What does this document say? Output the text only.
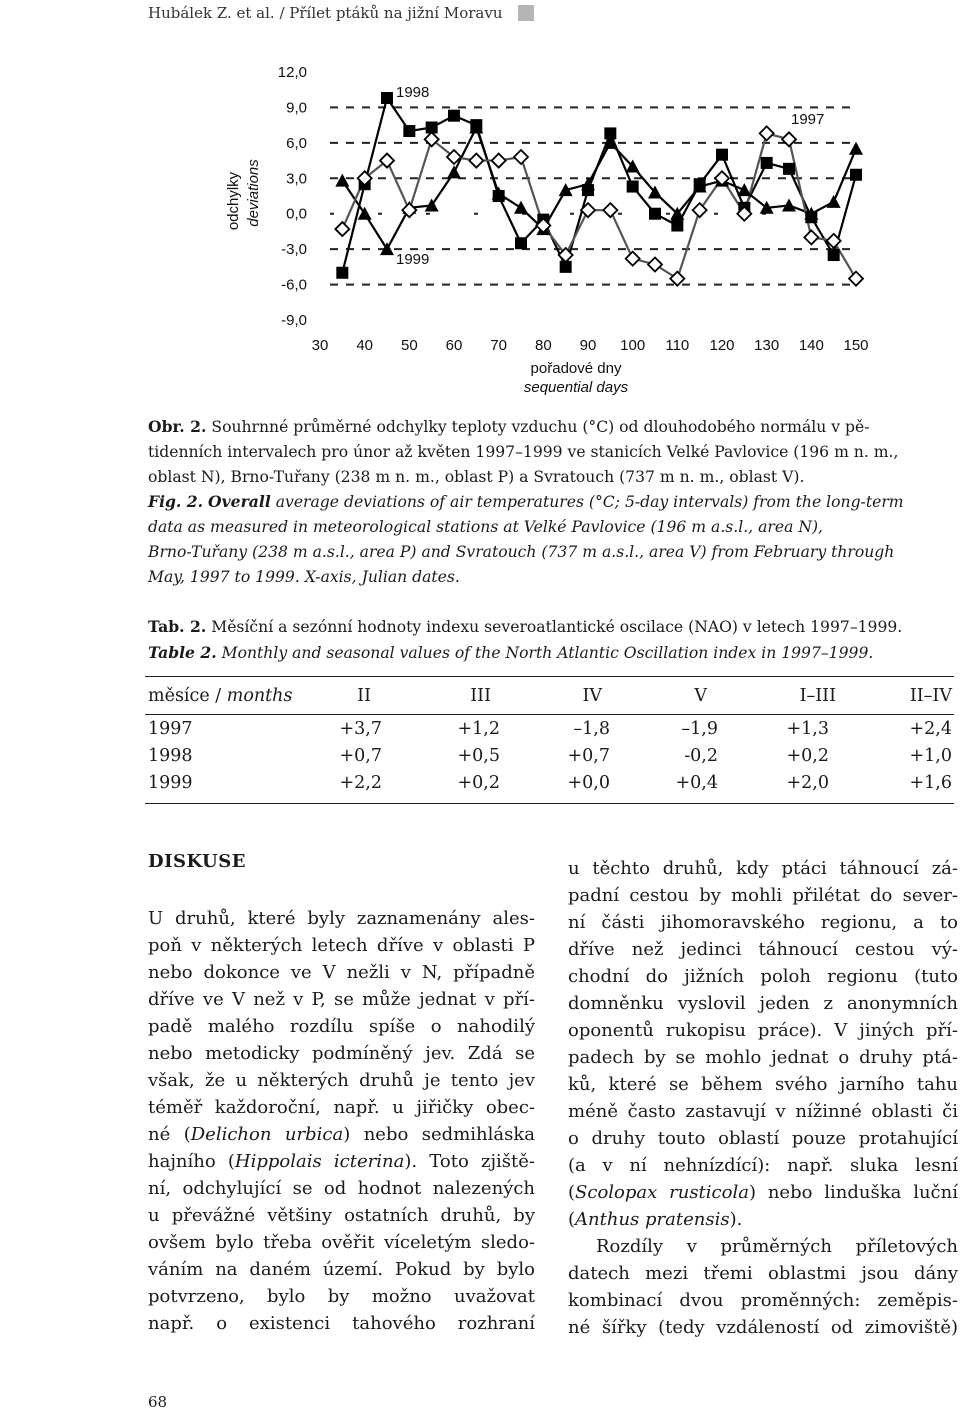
Hubálek Z. et al. / Přílet ptáků na jižní Moravu
odchylky deviations
12,0
9,0
6,0
3,0
0,0
-3,0
-6,0
-9,0
30 40 50 60 70 80 90 100 110 120 130 140 150
1998
1997
1999
pořadové dny
sequential days
Obr. 2. Souhrnné průměrné odchylky teploty vzduchu (°C) od dlouhodobého normálu v pě-
tidenních intervalech pro únor až květen 1997–1999 ve stanicích Velké Pavlovice (196 m n. m.,
oblast N), Brno-Tuřany (238 m n. m., oblast P) a Svratouch (737 m n. m., oblast V).
Fig. 2. Overall average deviations of air temperatures (°C; 5-day intervals) from the long-term
data as measured in meteorological stations at Velké Pavlovice (196 m a.s.l., area N),
Brno-Tuřany (238 m a.s.l., area P) and Svratouch (737 m a.s.l., area V) from February through
May, 1997 to 1999. X-axis, Julian dates.
Tab. 2. Měsíční a sezónní hodnoty indexu severoatlantické oscilace (NAO) v letech 1997–1999.
Table 2. Monthly and seasonal values of the North Atlantic Oscillation index in 1997–1999.
měsíce / months	II	III	IV	V	I–III	II–IV
1997	+3,7	+1,2	–1,8	–1,9	+1,3	+2,4
1998	+0,7	+0,5	+0,7	-0,2	+0,2	+1,0
1999	+2,2	+0,2	+0,0	+0,4	+2,0	+1,6
DISKUSE
U druhů, které byly zaznamenány ales-
poň v některých letech dříve v oblasti P
nebo dokonce ve V nežli v N, případně
dříve ve V než v P, se může jednat v pří-
padě malého rozdílu spíše o nahodilý
nebo metodicky podmíněný jev. Zdá se
však, že u některých druhů je tento jev
téměř každoroční, např. u jiřičky obec-
né (Delichon urbica) nebo sedmihláska
hajního (Hippolais icterina). Toto zjiště-
ní, odchylující se od hodnot nalezených
u převážné většiny ostatních druhů, by
ovšem bylo třeba ověřit víceletým sledo-
váním na daném území. Pokud by bylo
potvrzeno, bylo by možno uvažovat
např. o existenci tahového rozhraní
u těchto druhů, kdy ptáci táhnoucí zá-
padní cestou by mohli přilétat do sever-
ní části jihomoravského regionu, a to
dříve než jedinci táhnoucí cestou vý-
chodní do jižních poloh regionu (tuto
domněnku vyslovil jeden z anonymních
oponentů rukopisu práce). V jiných pří-
padech by se mohlo jednat o druhy ptá-
ků, které se během svého jarního tahu
méně často zastavují v nížinné oblasti či
o druhy touto oblastí pouze protahující
(a v ní nehnízdící): např. sluka lesní
(Scolopax rusticola) nebo linduška luční
(Anthus pratensis).
Rozdíly v průměrných příletových
datech mezi třemi oblastmi jsou dány
kombinací dvou proměnných: zeměpis-
né šířky (tedy vzdáleností od zimoviště)
68
